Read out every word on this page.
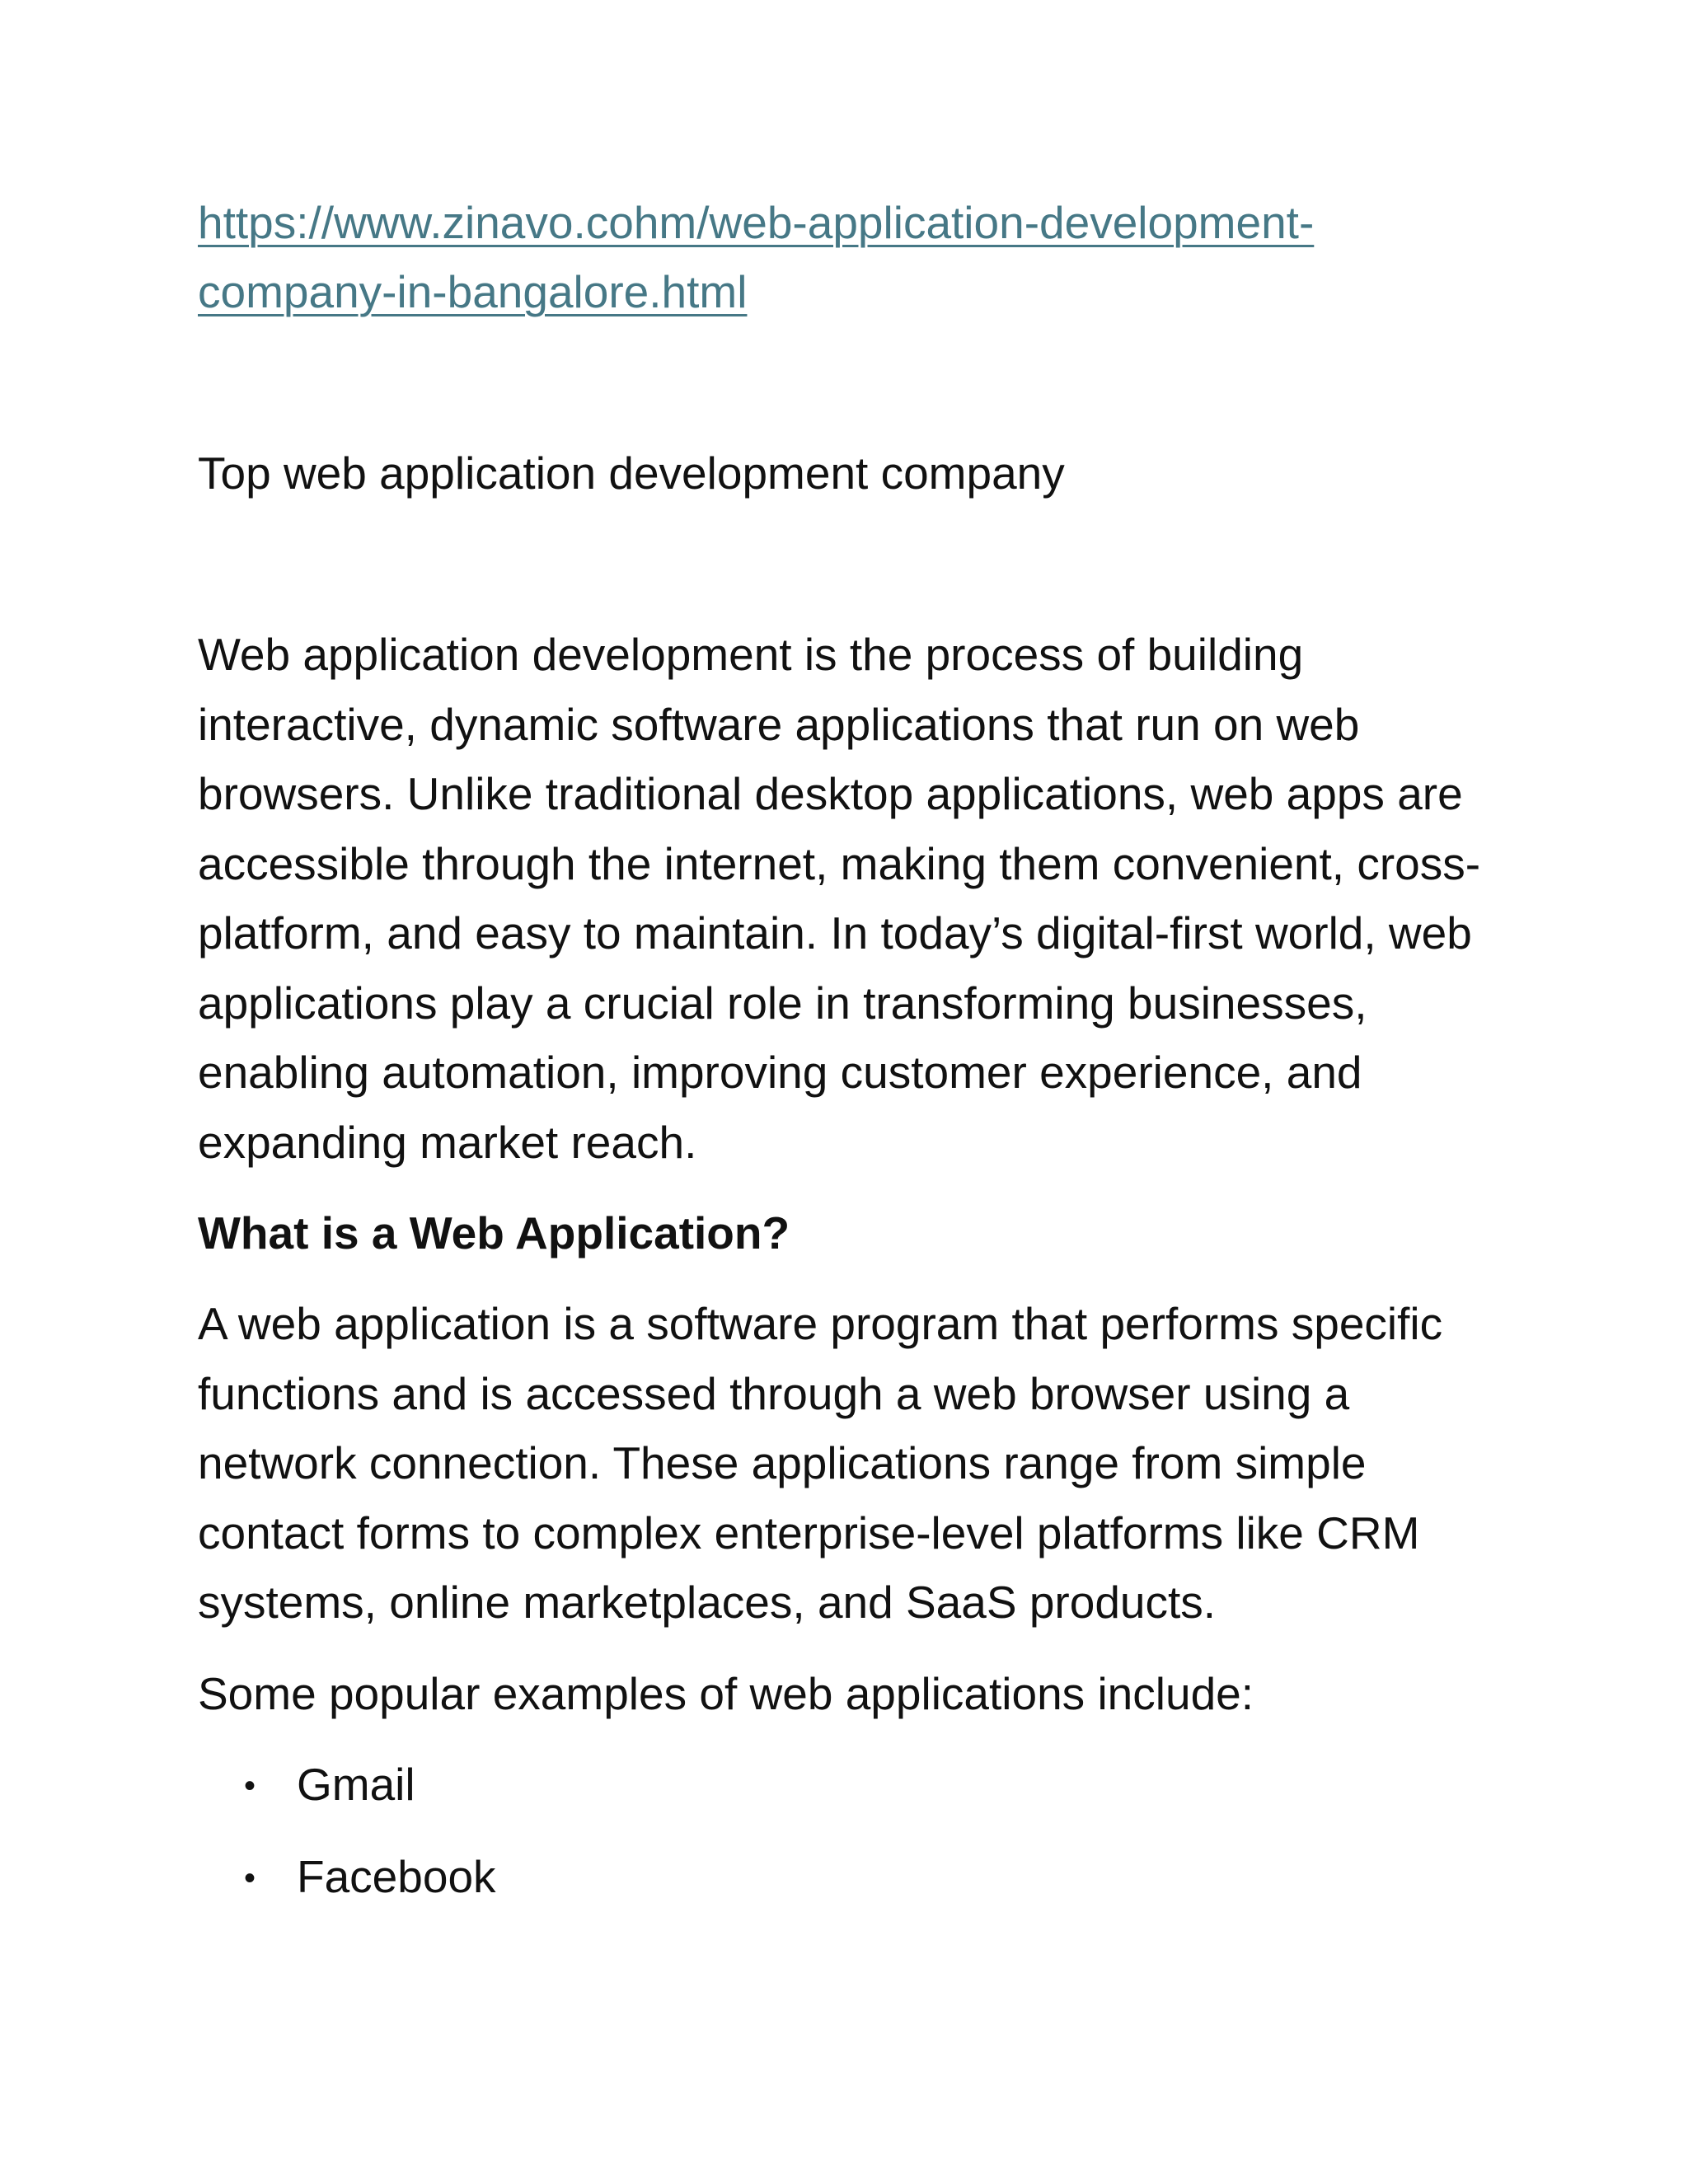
https://www.zinavo.cohm/web-application-development-
company-in-bangalore.html

Top web application development company

Web application development is the process of building interactive, dynamic software applications that run on web browsers. Unlike traditional desktop applications, web apps are accessible through the internet, making them convenient, cross-platform, and easy to maintain. In today’s digital-first world, web applications play a crucial role in transforming businesses, enabling automation, improving customer experience, and expanding market reach.

What is a Web Application?

A web application is a software program that performs specific functions and is accessed through a web browser using a network connection. These applications range from simple contact forms to complex enterprise-level platforms like CRM systems, online marketplaces, and SaaS products.

Some popular examples of web applications include:

• Gmail
• Facebook
